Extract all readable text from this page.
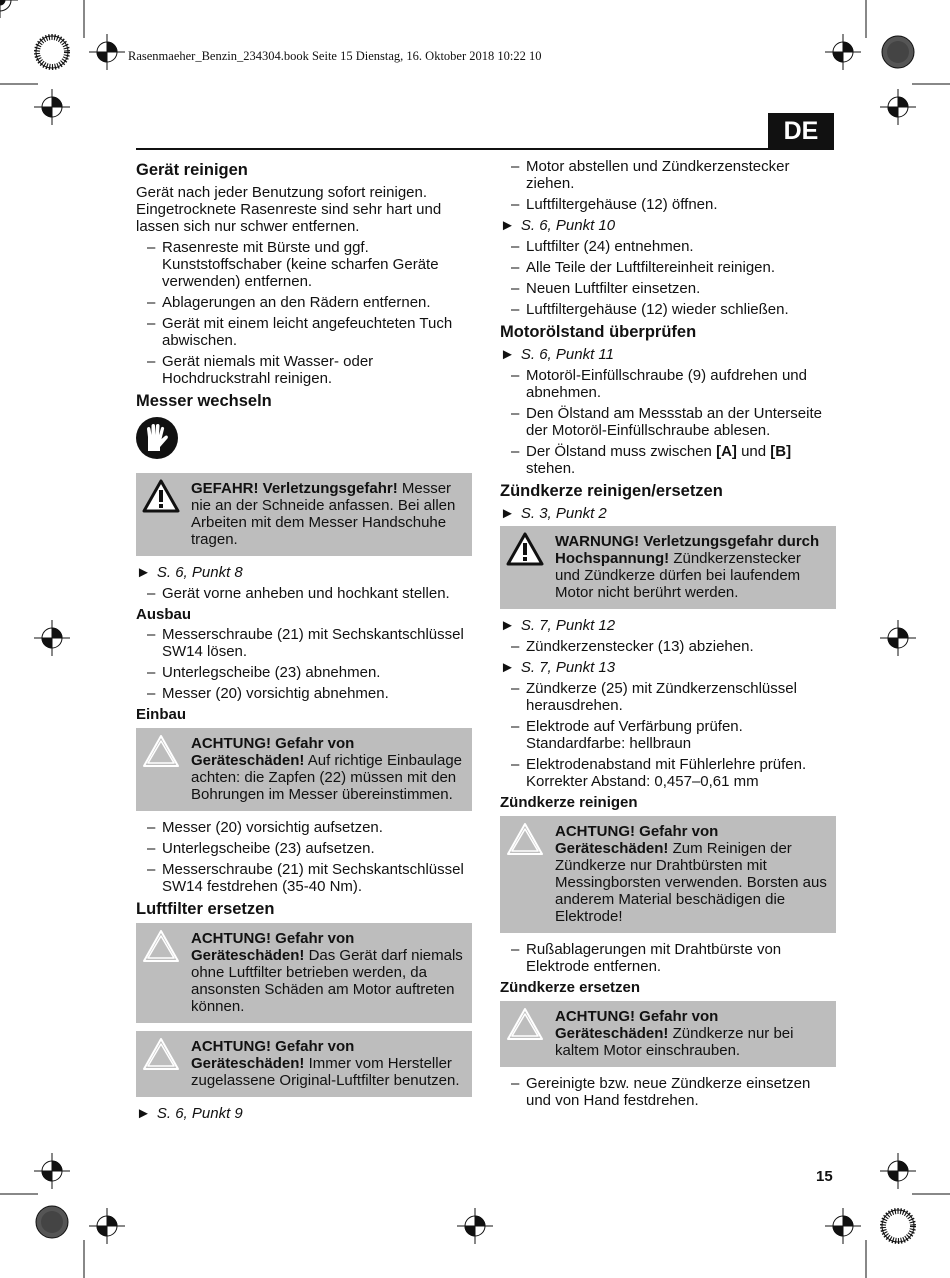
Rasenmaeher_Benzin_234304.book Seite 15 Dienstag, 16. Oktober 2018 10:22 10
DE
Gerät reinigen

Gerät nach jeder Benutzung sofort reinigen. Eingetrocknete Rasenreste sind sehr hart und lassen sich nur schwer entfernen.

– Rasenreste mit Bürste und ggf. Kunststoffschaber (keine scharfen Geräte verwenden) entfernen.
– Ablagerungen an den Rädern entfernen.
– Gerät mit einem leicht angefeuchteten Tuch abwischen.
– Gerät niemals mit Wasser- oder Hochdruckstrahl reinigen.
Messer wechseln
GEFAHR! Verletzungsgefahr! Messer nie an der Schneide anfassen. Bei allen Arbeiten mit dem Messer Handschuhe tragen.
► S. 6, Punkt 8
– Gerät vorne anheben und hochkant stellen.
Ausbau
– Messerschraube (21) mit Sechskantschlüssel SW14 lösen.
– Unterlegscheibe (23) abnehmen.
– Messer (20) vorsichtig abnehmen.
Einbau
ACHTUNG! Gefahr von Geräteschäden! Auf richtige Einbaulage achten: die Zapfen (22) müssen mit den Bohrungen im Messer übereinstimmen.
– Messer (20) vorsichtig aufsetzen.
– Unterlegscheibe (23) aufsetzen.
– Messerschraube (21) mit Sechskantschlüssel SW14 festdrehen (35-40 Nm).
Luftfilter ersetzen
ACHTUNG! Gefahr von Geräteschäden! Das Gerät darf niemals ohne Luftfilter betrieben werden, da ansonsten Schäden am Motor auftreten können.
ACHTUNG! Gefahr von Geräteschäden! Immer vom Hersteller zugelassene Original-Luftfilter benutzen.
► S. 6, Punkt 9
– Motor abstellen und Zündkerzenstecker ziehen.
– Luftfiltergehäuse (12) öffnen.
► S. 6, Punkt 10
– Luftfilter (24) entnehmen.
– Alle Teile der Luftfiltereinheit reinigen.
– Neuen Luftfilter einsetzen.
– Luftfiltergehäuse (12) wieder schließen.
Motorölstand überprüfen
► S. 6, Punkt 11
– Motoröl-Einfüllschraube (9) aufdrehen und abnehmen.
– Den Ölstand am Messstab an der Unterseite der Motoröl-Einfüllschraube ablesen.
– Der Ölstand muss zwischen [A] und [B] stehen.
Zündkerze reinigen/ersetzen
► S. 3, Punkt 2
WARNUNG! Verletzungsgefahr durch Hochspannung! Zündkerzenstecker und Zündkerze dürfen bei laufendem Motor nicht berührt werden.
► S. 7, Punkt 12
– Zündkerzenstecker (13) abziehen.
► S. 7, Punkt 13
– Zündkerze (25) mit Zündkerzenschlüssel herausdrehen.
– Elektrode auf Verfärbung prüfen. Standardfarbe: hellbraun
– Elektrodenabstand mit Fühlerlehre prüfen. Korrekter Abstand: 0,457–0,61 mm
Zündkerze reinigen
ACHTUNG! Gefahr von Geräteschäden! Zum Reinigen der Zündkerze nur Drahtbürsten mit Messingborsten verwenden. Borsten aus anderem Material beschädigen die Elektrode!
– Rußablagerungen mit Drahtbürste von Elektrode entfernen.
Zündkerze ersetzen
ACHTUNG! Gefahr von Geräteschäden! Zündkerze nur bei kaltem Motor einschrauben.
– Gereinigte bzw. neue Zündkerze einsetzen und von Hand festdrehen.
15
